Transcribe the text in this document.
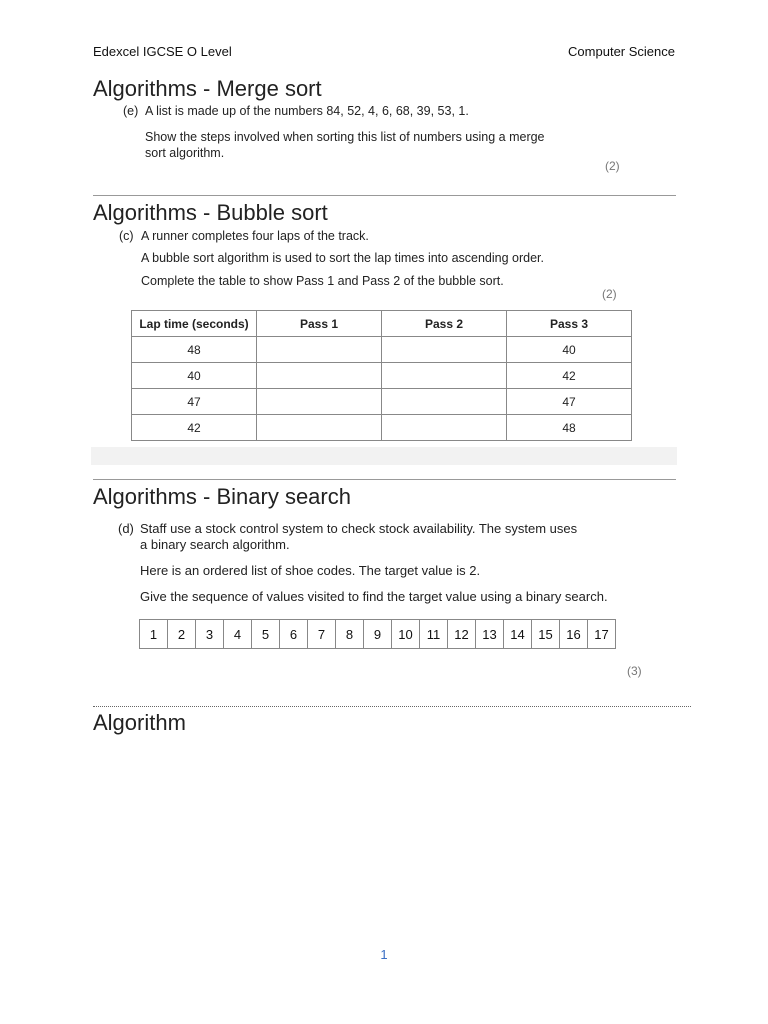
Edexcel IGCSE O Level	Computer Science
Algorithms - Merge sort
(e) A list is made up of the numbers 84, 52, 4, 6, 68, 39, 53, 1.
Show the steps involved when sorting this list of numbers using a merge
sort algorithm.
(2)
Algorithms - Bubble sort
(c) A runner completes four laps of the track.
A bubble sort algorithm is used to sort the lap times into ascending order.
Complete the table to show Pass 1 and Pass 2 of the bubble sort.
(2)
Lap time (seconds)	Pass 1	Pass 2	Pass 3
48			40
40			42
47			47
42			48
Algorithms - Binary search
(d) Staff use a stock control system to check stock availability. The system uses
a binary search algorithm.
Here is an ordered list of shoe codes. The target value is 2.
Give the sequence of values visited to find the target value using a binary search.
1	2	3	4	5	6	7	8	9	10	11	12	13	14	15	16	17
(3)
Algorithm
1
